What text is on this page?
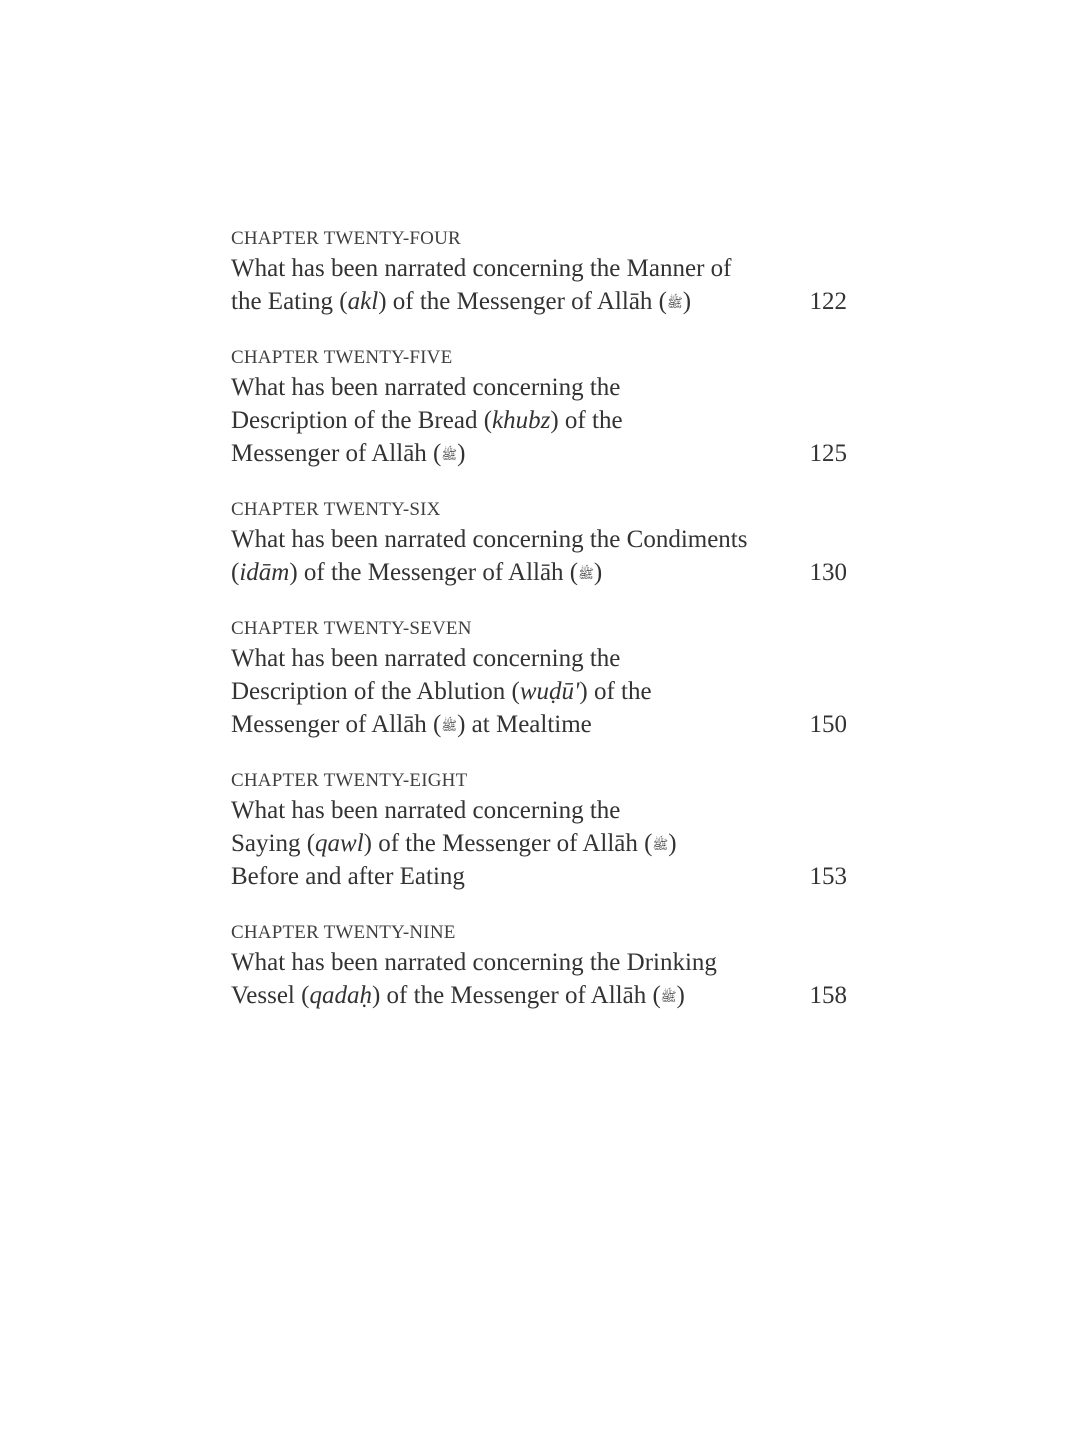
CHAPTER TWENTY-FOUR
What has been narrated concerning the Manner of
the Eating (akl) of the Messenger of Allāh (ﷺ)	122
CHAPTER TWENTY-FIVE
What has been narrated concerning the
Description of the Bread (khubz) of the
Messenger of Allāh (ﷺ)	125
CHAPTER TWENTY-SIX
What has been narrated concerning the Condiments
(idām) of the Messenger of Allāh (ﷺ)	130
CHAPTER TWENTY-SEVEN
What has been narrated concerning the
Description of the Ablution (wuḍū') of the
Messenger of Allāh (ﷺ) at Mealtime	150
CHAPTER TWENTY-EIGHT
What has been narrated concerning the
Saying (qawl) of the Messenger of Allāh (ﷺ)
Before and after Eating	153
CHAPTER TWENTY-NINE
What has been narrated concerning the Drinking
Vessel (qadaḥ) of the Messenger of Allāh (ﷺ)	158
